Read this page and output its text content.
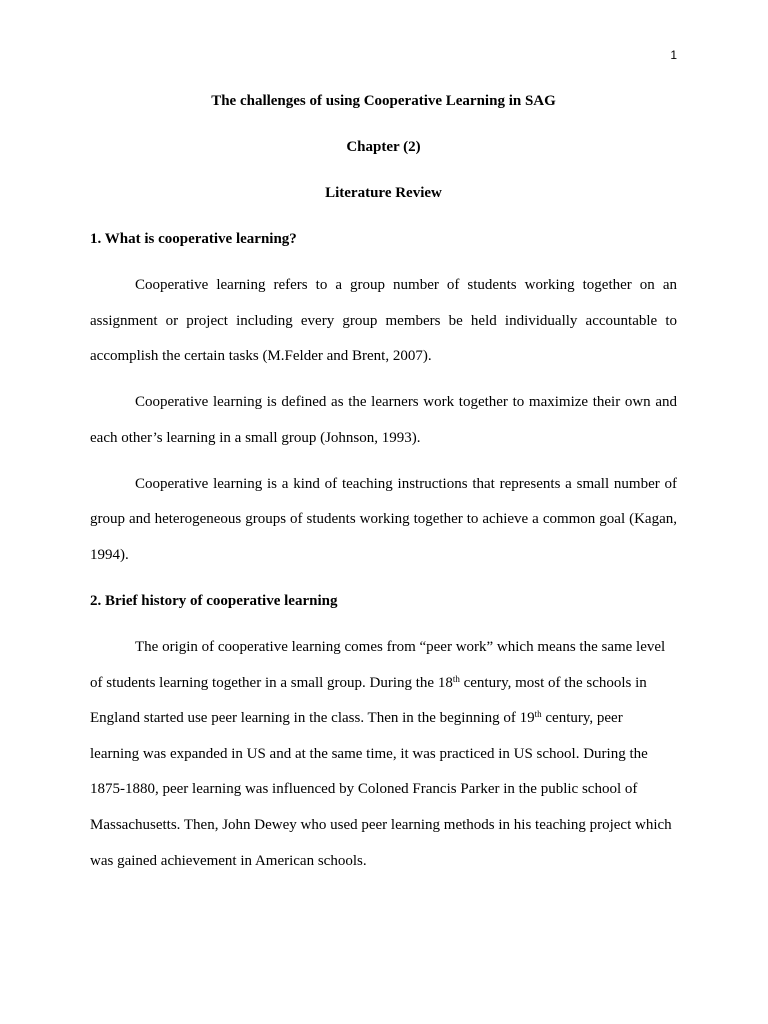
1
The challenges of using Cooperative Learning in SAG
Chapter (2)
Literature Review
1. What is cooperative learning?
Cooperative learning refers to a group number of students working together on an
assignment or project including every group members be held individually accountable to
accomplish the certain tasks (M.Felder and Brent, 2007).
Cooperative learning is defined as the learners work together to maximize their own and
each other’s learning in a small group (Johnson, 1993).
Cooperative learning is a kind of teaching instructions that represents a small number of
group and heterogeneous groups of students working together to achieve a common goal (Kagan,
1994).
2. Brief history of cooperative learning
The origin of cooperative learning comes from “peer work” which means the same level
of students learning together in a small group. During the 18th century, most of the schools in
England started use peer learning in the class. Then in the beginning of 19th century, peer
learning was expanded in US and at the same time, it was practiced in US school. During the
1875-1880, peer learning was influenced by Coloned Francis Parker in the public school of
Massachusetts. Then, John Dewey who used peer learning methods in his teaching project which
was gained achievement in American schools.
